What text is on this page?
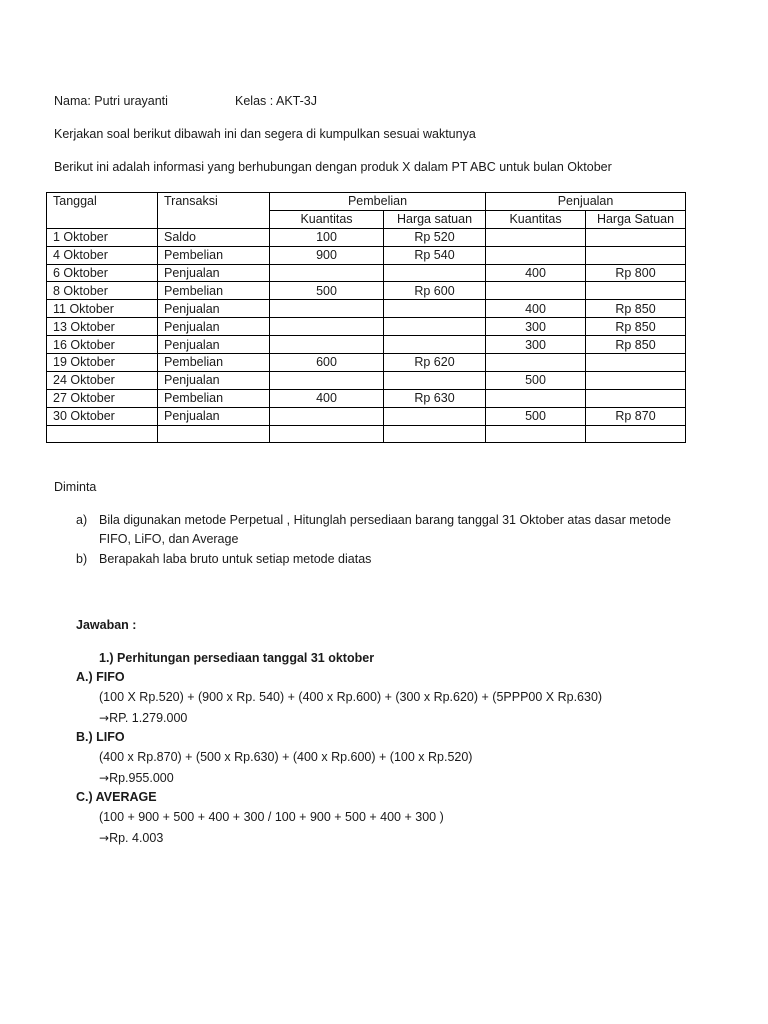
Nama: Putri urayanti	Kelas : AKT-3J
Kerjakan soal berikut dibawah ini dan segera di kumpulkan sesuai waktunya
Berikut ini adalah informasi yang berhubungan dengan produk X dalam PT ABC untuk bulan Oktober
Tanggal	Transaksi	Pembelian		Penjualan	
		Kuantitas	Harga satuan	Kuantitas	Harga Satuan
1 Oktober	Saldo	100	Rp 520		
4 Oktober	Pembelian	900	Rp 540		
6 Oktober	Penjualan			400	Rp 800
8 Oktober	Pembelian	500	Rp 600		
11 Oktober	Penjualan			400	Rp 850
13 Oktober	Penjualan			300	Rp 850
16 Oktober	Penjualan			300	Rp 850
19 Oktober	Pembelian	600	Rp 620		
24 Oktober	Penjualan			500	
27 Oktober	Pembelian	400	Rp 630		
30 Oktober	Penjualan			500	Rp 870

Diminta
a) Bila digunakan metode Perpetual , Hitunglah persediaan barang tanggal 31 Oktober atas dasar metode
FIFO, LiFO, dan Average
b) Berapakah laba bruto untuk setiap metode diatas
Jawaban :
1.) Perhitungan persediaan tanggal 31 oktober
A.) FIFO
(100 X Rp.520) + (900 x Rp. 540) + (400 x Rp.600) + (300 x Rp.620) + (5PPP00 X Rp.630)
→RP. 1.279.000
B.) LIFO
(400 x Rp.870) + (500 x Rp.630) + (400 x Rp.600) + (100 x Rp.520)
→Rp.955.000
C.) AVERAGE
(100 + 900 + 500 + 400 + 300 / 100 + 900 + 500 + 400 + 300 )
→Rp. 4.003
